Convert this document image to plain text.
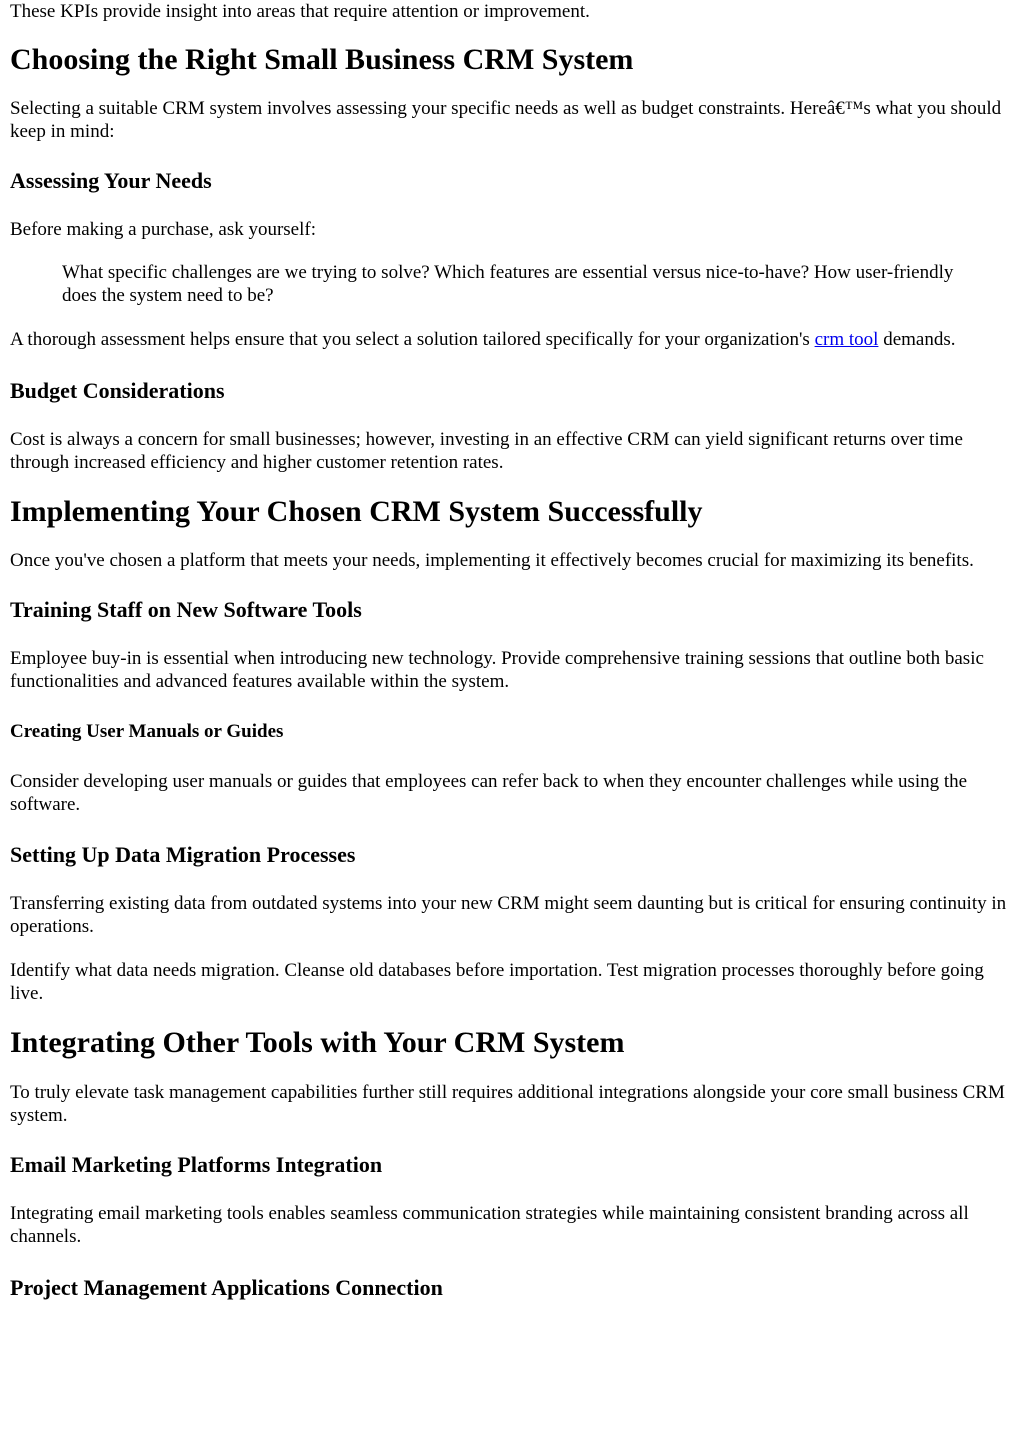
These KPIs provide insight into areas that require attention or improvement.

Choosing the Right Small Business CRM System

Selecting a suitable CRM system involves assessing your specific needs as well as budget constraints. Hereâ€™s what you should keep in mind:

Assessing Your Needs

Before making a purchase, ask yourself:

What specific challenges are we trying to solve? Which features are essential versus nice-to-have? How user-friendly does the system need to be?

A thorough assessment helps ensure that you select a solution tailored specifically for your organization's crm tool demands.

Budget Considerations

Cost is always a concern for small businesses; however, investing in an effective CRM can yield significant returns over time through increased efficiency and higher customer retention rates.

Implementing Your Chosen CRM System Successfully

Once you've chosen a platform that meets your needs, implementing it effectively becomes crucial for maximizing its benefits.

Training Staff on New Software Tools

Employee buy-in is essential when introducing new technology. Provide comprehensive training sessions that outline both basic functionalities and advanced features available within the system.

Creating User Manuals or Guides

Consider developing user manuals or guides that employees can refer back to when they encounter challenges while using the software.

Setting Up Data Migration Processes

Transferring existing data from outdated systems into your new CRM might seem daunting but is critical for ensuring continuity in operations.

Identify what data needs migration. Cleanse old databases before importation. Test migration processes thoroughly before going live.

Integrating Other Tools with Your CRM System

To truly elevate task management capabilities further still requires additional integrations alongside your core small business CRM system.

Email Marketing Platforms Integration

Integrating email marketing tools enables seamless communication strategies while maintaining consistent branding across all channels.

Project Management Applications Connection
